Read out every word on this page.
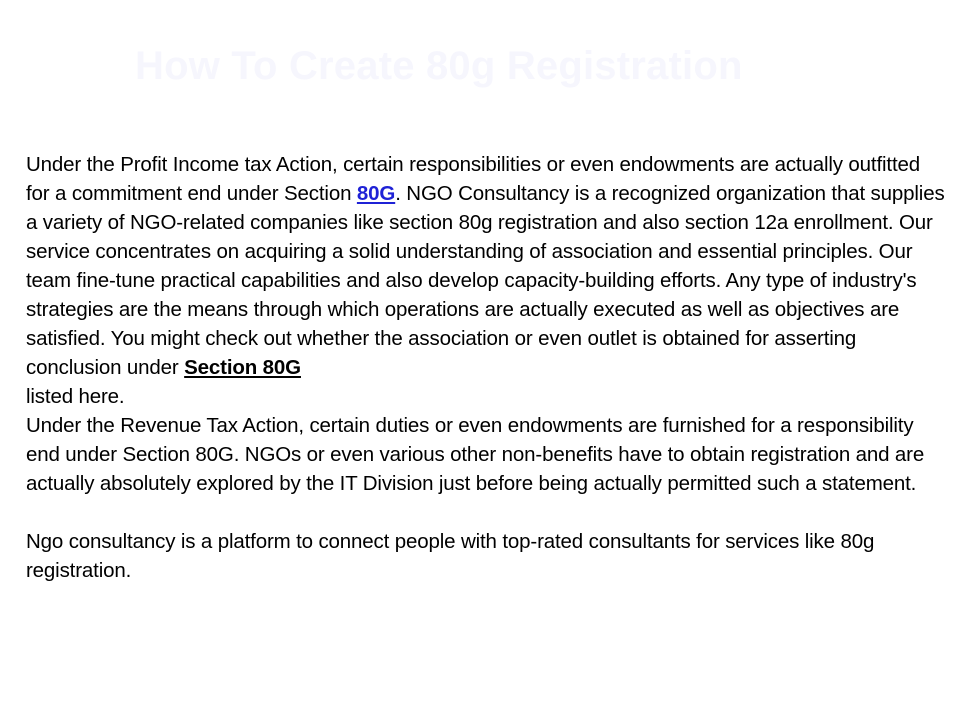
How To Create 80g Registration

Under the Profit Income tax Action, certain responsibilities or even endowments are actually outfitted for a commitment end under Section 80G. NGO Consultancy is a recognized organization that supplies a variety of NGO-related companies like section 80g registration and also section 12a enrollment. Our service concentrates on acquiring a solid understanding of association and essential principles. Our team fine-tune practical capabilities and also develop capacity-building efforts. Any type of industry's strategies are the means through which operations are actually executed as well as objectives are satisfied. You might check out whether the association or even outlet is obtained for asserting conclusion under Section 80G
listed here.

Under the Revenue Tax Action, certain duties or even endowments are furnished for a responsibility end under Section 80G. NGOs or even various other non-benefits have to obtain registration and are actually absolutely explored by the IT Division just before being actually permitted such a statement.

Ngo consultancy is a platform to connect people with top-rated consultants for services like 80g registration.
